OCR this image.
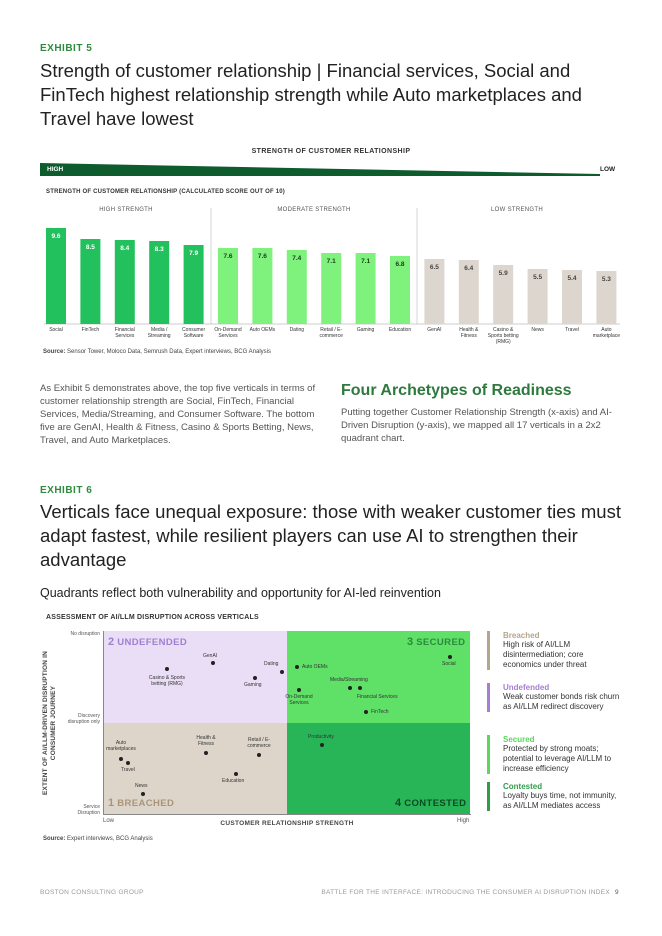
EXHIBIT 5
Strength of customer relationship | Financial services, Social and FinTech highest relationship strength while Auto marketplaces and Travel have lowest
STRENGTH OF CUSTOMER RELATIONSHIP
HIGH	LOW
STRENGTH OF CUSTOMER RELATIONSHIP (CALCULATED SCORE OUT OF 10)
9.6
8.5	8.4	8.3
7.9	7.6	7.6	7.4	7.1	7.1	6.8	6.5	6.4
5.9
5.5	5.4	5.3
Social	FinTech	Financial Services
Media / Streaming
Consumer Software
On-Demand Services
Auto OEMs	Dating	Retail / E-commerce
Gaming	Education	GenAI	Health & Fitness
Casino & Sports betting (RMG)
News	Travel	Auto marketplace
HIGH STRENGTH	MODERATE STRENGTH	LOW STRENGTH
Source: Sensor Tower, Moloco Data, Semrush Data, Expert interviews, BCG Analysis
As Exhibit 5 demonstrates above, the top five verticals in terms of customer relationship strength are Social, FinTech, Financial Services, Media/Streaming, and Consumer Software. The bottom five are GenAI, Health & Fitness, Casino & Sports Betting, News, Travel, and Auto Marketplaces.
Four Archetypes of Readiness
Putting together Customer Relationship Strength (x-axis) and AI-Driven Disruption (y-axis), we mapped all 17 verticals in a 2x2 quadrant chart.
EXHIBIT 6
Verticals face unequal exposure: those with weaker customer ties must adapt fastest, while resilient players can use AI to strengthen their advantage
Quadrants reflect both vulnerability and opportunity for AI-led reinvention
ASSESSMENT OF AI/LLM DISRUPTION ACROSS VERTICALS
2 UNDEFENDED	3 SECURED
1 BREACHED	4 CONTESTED
EXTENT OF AI/LLM-DRIVEN DISRUPTION IN CONSUMER JOURNEY
No disruption
Discovery disruption only
Service Disruption
Low	High
CUSTOMER RELATIONSHIP STRENGTH
GenAI
Dating
Casino & Sports betting (RMG)	Gaming
Auto OEMs	Social
Media/Streaming
On-Demand Services
Financial Services
FinTech
Productivity
Health & Fitness
Retail / E-commerce
Auto marketplaces
Travel
News
Education
Breached
High risk of AI/LLM disintermediation; core economics under threat
Undefended
Weak customer bonds risk churn as AI/LLM redirect discovery
Secured
Protected by strong moats; potential to leverage AI/LLM to increase efficiency
Contested
Loyalty buys time, not immunity, as AI/LLM mediates access
Source: Expert interviews, BCG Analysis
BOSTON CONSULTING GROUP	BATTLE FOR THE INTERFACE: INTRODUCING THE CONSUMER AI DISRUPTION INDEX 9
